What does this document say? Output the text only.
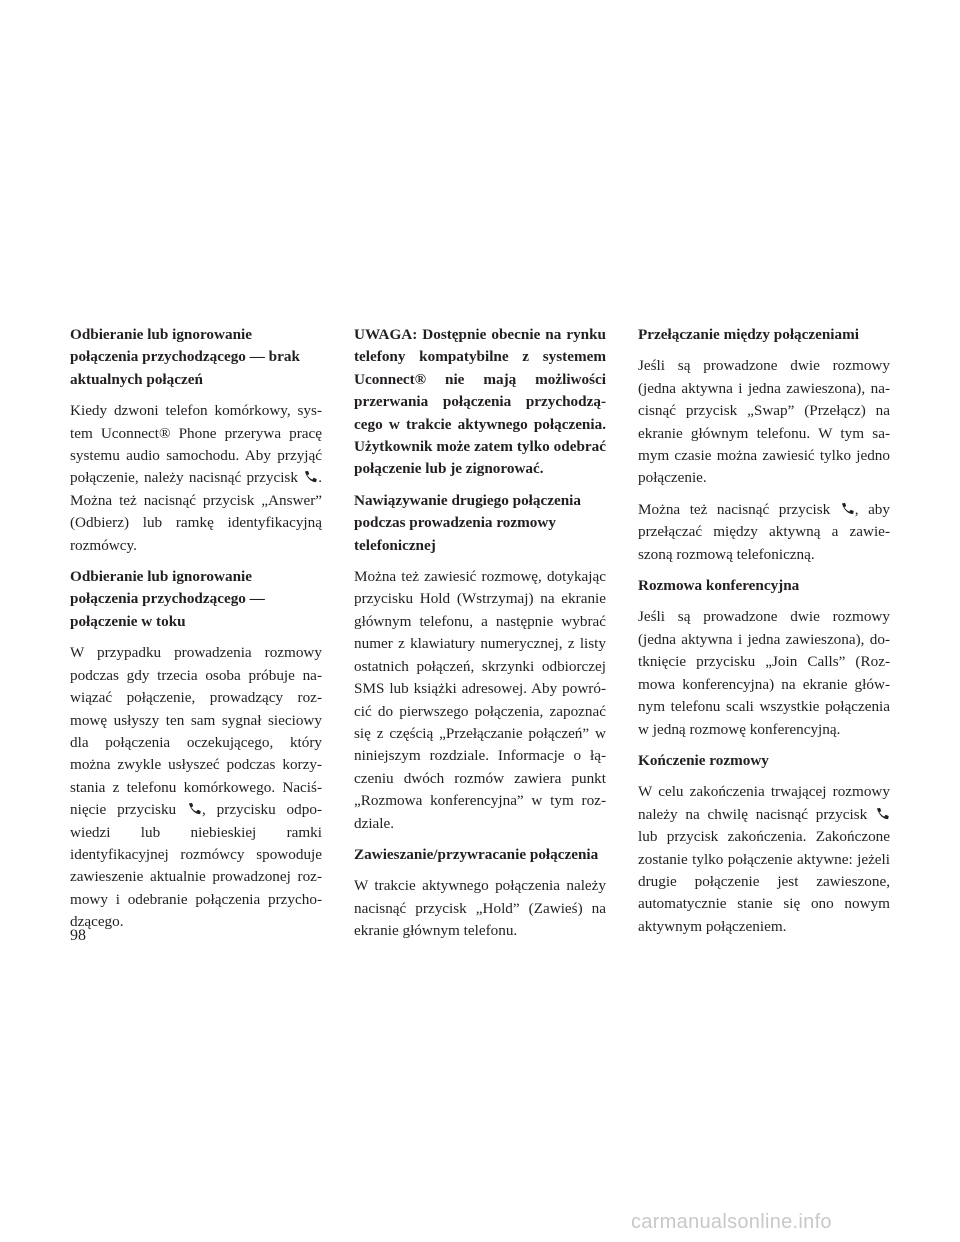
Odbieranie lub ignorowanie połączenia przychodzącego — brak aktualnych połączeń

Kiedy dzwoni telefon komórkowy, system Uconnect® Phone przerywa pracę systemu audio samochodu. Aby przyjąć połączenie, należy nacisnąć przycisk . Można też nacisnąć przycisk „Answer” (Odbierz) lub ramkę identyfikacyjną rozmówcy.

Odbieranie lub ignorowanie połączenia przychodzącego — połączenie w toku

W przypadku prowadzenia rozmowy podczas gdy trzecia osoba próbuje nawiązać połączenie, prowadzący rozmowę usłyszy ten sam sygnał sieciowy dla połączenia oczekującego, który można zwykle usłyszeć podczas korzystania z telefonu komórkowego. Naciśnięcie przycisku , przycisku odpowiedzi lub niebieskiej ramki identyfikacyjnej rozmówcy spowoduje zawieszenie aktualnie prowadzonej rozmowy i odebranie połączenia przychodzącego.

UWAGA: Dostępnie obecnie na rynku telefony kompatybilne z systemem Uconnect® nie mają możliwości przerwania połączenia przychodzącego w trakcie aktywnego połączenia. Użytkownik może zatem tylko odebrać połączenie lub je zignorować.

Nawiązywanie drugiego połączenia podczas prowadzenia rozmowy telefonicznej

Można też zawiesić rozmowę, dotykając przycisku Hold (Wstrzymaj) na ekranie głównym telefonu, a następnie wybrać numer z klawiatury numerycznej, z listy ostatnich połączeń, skrzynki odbiorczej SMS lub książki adresowej. Aby powrócić do pierwszego połączenia, zapoznać się z częścią „Przełączanie połączeń” w niniejszym rozdziale. Informacje o łączeniu dwóch rozmów zawiera punkt „Rozmowa konferencyjna” w tym rozdziale.

Zawieszanie/przywracanie połączenia

W trakcie aktywnego połączenia należy nacisnąć przycisk „Hold” (Zawieś) na ekranie głównym telefonu.

Przełączanie między połączeniami

Jeśli są prowadzone dwie rozmowy (jedna aktywna i jedna zawieszona), nacisnąć przycisk „Swap” (Przełącz) na ekranie głównym telefonu. W tym samym czasie można zawiesić tylko jedno połączenie.

Można też nacisnąć przycisk , aby przełączać między aktywną a zawieszoną rozmową telefoniczną.

Rozmowa konferencyjna

Jeśli są prowadzone dwie rozmowy (jedna aktywna i jedna zawieszona), dotknięcie przycisku „Join Calls” (Rozmowa konferencyjna) na ekranie głównym telefonu scali wszystkie połączenia w jedną rozmowę konferencyjną.

Kończenie rozmowy

W celu zakończenia trwającej rozmowy należy na chwilę nacisnąć przycisk
lub przycisk zakończenia. Zakończone zostanie tylko połączenie aktywne: jeżeli drugie połączenie jest zawieszone, automatycznie stanie się ono nowym aktywnym połączeniem.

98
carmanualsonline.info
